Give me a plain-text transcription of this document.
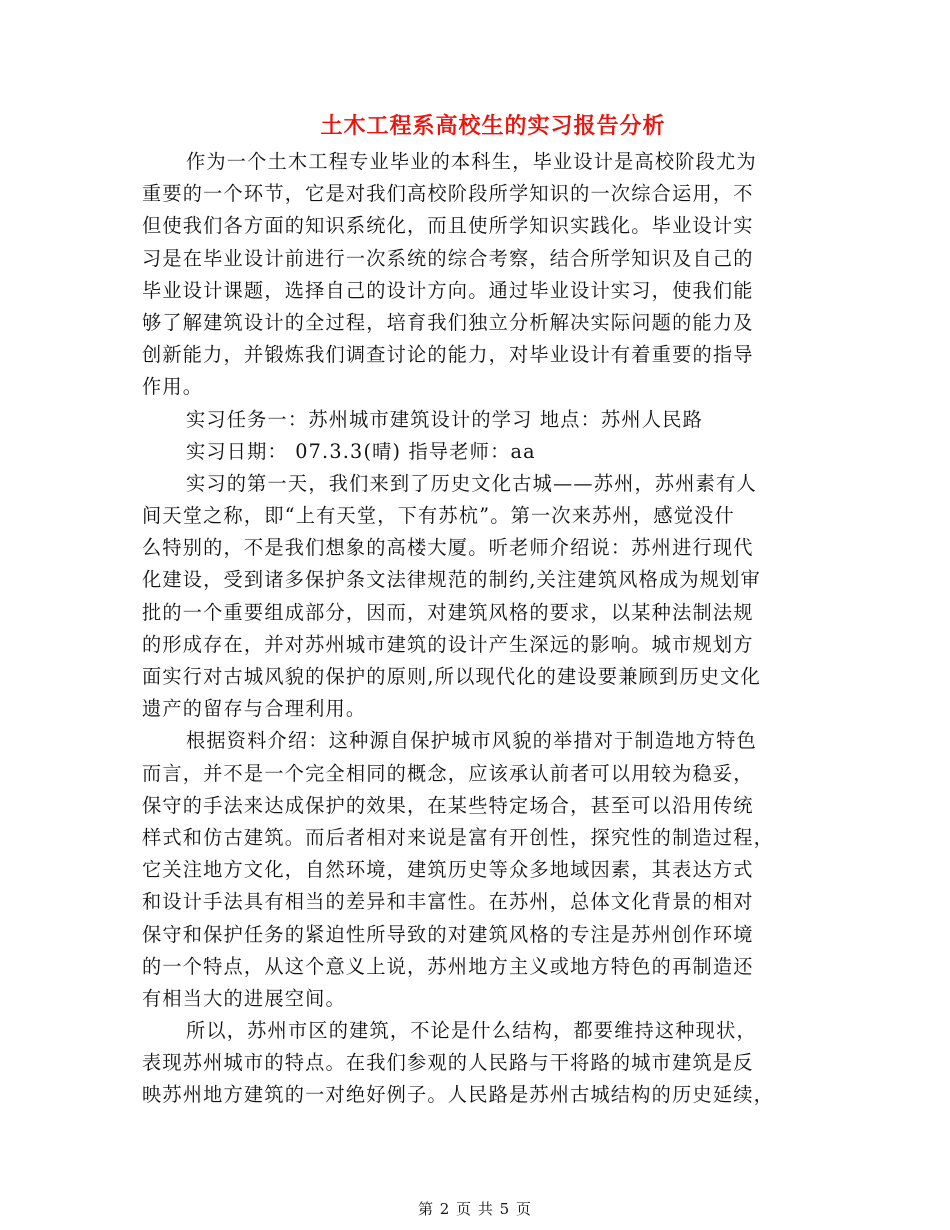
土木工程系高校生的实习报告分析
作为一个土木工程专业毕业的本科生，毕业设计是高校阶段尤为
重要的一个环节，它是对我们高校阶段所学知识的一次综合运用，不
但使我们各方面的知识系统化，而且使所学知识实践化。毕业设计实
习是在毕业设计前进行一次系统的综合考察，结合所学知识及自己的
毕业设计课题，选择自己的设计方向。通过毕业设计实习，使我们能
够了解建筑设计的全过程，培育我们独立分析解决实际问题的能力及
创新能力，并锻炼我们调查讨论的能力，对毕业设计有着重要的指导
作用。
实习任务一：苏州城市建筑设计的学习 地点：苏州人民路
实习日期： 07.3.3(晴) 指导老师：aa
实习的第一天，我们来到了历史文化古城——苏州，苏州素有人
间天堂之称，即“上有天堂，下有苏杭”。第一次来苏州，感觉没什
么特别的，不是我们想象的高楼大厦。听老师介绍说：苏州进行现代
化建设，受到诸多保护条文法律规范的制约,关注建筑风格成为规划审
批的一个重要组成部分，因而，对建筑风格的要求，以某种法制法规
的形成存在，并对苏州城市建筑的设计产生深远的影响。城市规划方
面实行对古城风貌的保护的原则,所以现代化的建设要兼顾到历史文化
遗产的留存与合理利用。
根据资料介绍：这种源自保护城市风貌的举措对于制造地方特色
而言，并不是一个完全相同的概念，应该承认前者可以用较为稳妥，
保守的手法来达成保护的效果，在某些特定场合，甚至可以沿用传统
样式和仿古建筑。而后者相对来说是富有开创性，探究性的制造过程，
它关注地方文化，自然环境，建筑历史等众多地域因素，其表达方式
和设计手法具有相当的差异和丰富性。在苏州，总体文化背景的相对
保守和保护任务的紧迫性所导致的对建筑风格的专注是苏州创作环境
的一个特点，从这个意义上说，苏州地方主义或地方特色的再制造还
有相当大的进展空间。
所以，苏州市区的建筑，不论是什么结构，都要维持这种现状，
表现苏州城市的特点。在我们参观的人民路与干将路的城市建筑是反
映苏州地方建筑的一对绝好例子。人民路是苏州古城结构的历史延续，
第 2 页 共 5 页
